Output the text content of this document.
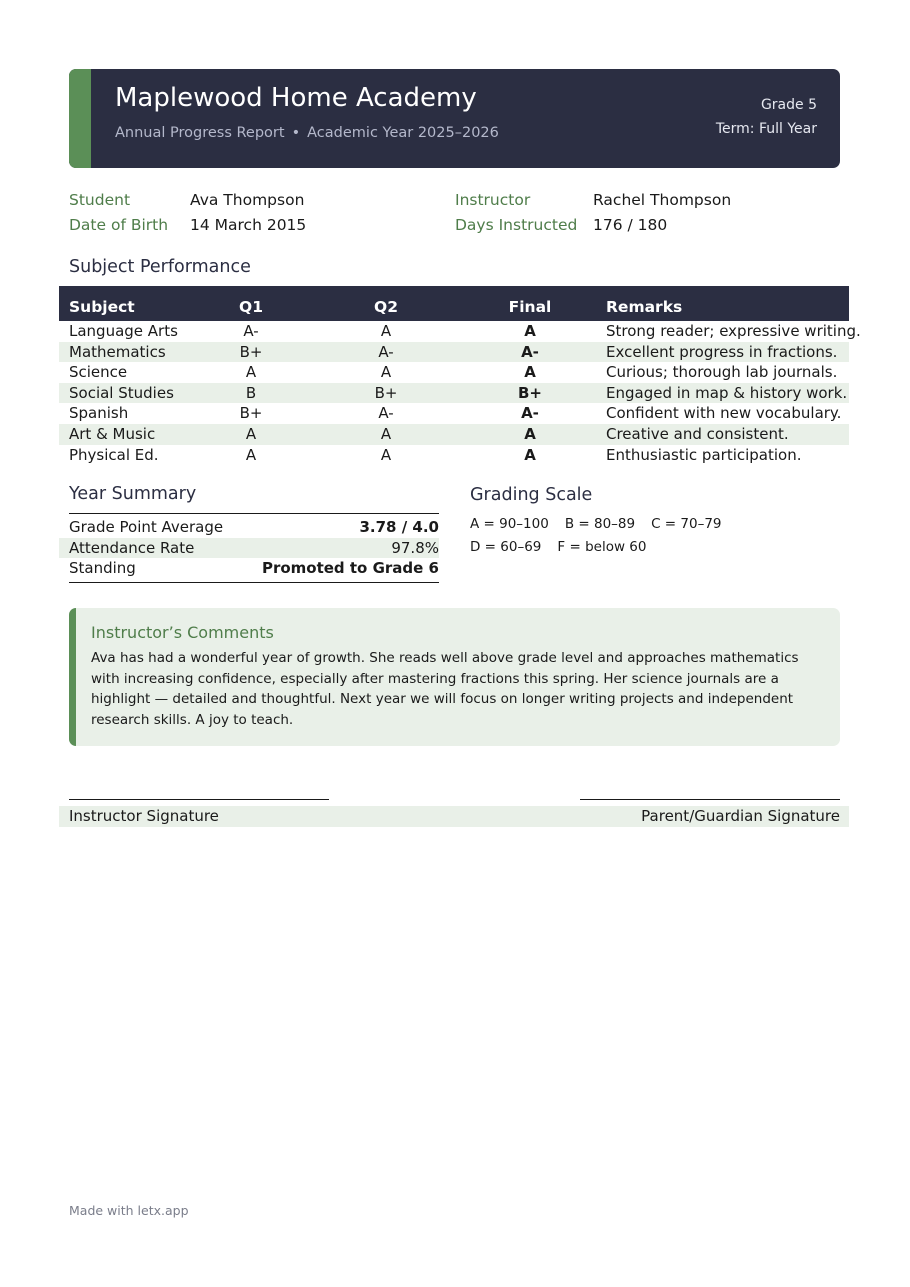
Maplewood Home Academy
Annual Progress Report • Academic Year 2025–2026
Grade 5
Term: Full Year
Student	Ava Thompson
Date of Birth 14 March 2015
Instructor	Rachel Thompson
Days Instructed 176 / 180
Subject Performance
Subject	Q1	Q2	Final	Remarks
Language Arts	A-	A	A	Strong reader; expressive writing.
Mathematics	B+	A-	A-	Excellent progress in fractions.
Science	A	A	A	Curious; thorough lab journals.
Social Studies	B	B+	B+	Engaged in map & history work.
Spanish	B+	A-	A-	Confident with new vocabulary.
Art & Music	A	A	A	Creative and consistent.
Physical Ed.	A	A	A	Enthusiastic participation.
Year Summary
Grade Point Average	3.78 / 4.0
Attendance Rate	97.8%
Standing	Promoted to Grade 6
Grading Scale
A = 90–100 B = 80–89 C = 70–79
D = 60–69 F = below 60
Instructor’s Comments
Ava has had a wonderful year of growth. She reads well above grade level and approaches mathematics with increasing confidence, especially after mastering fractions this spring. Her science journals are a highlight — detailed and thoughtful. Next year we will focus on longer writing projects and independent research skills. A joy to teach.
Instructor Signature	Parent/Guardian Signature
Made with letx.app
